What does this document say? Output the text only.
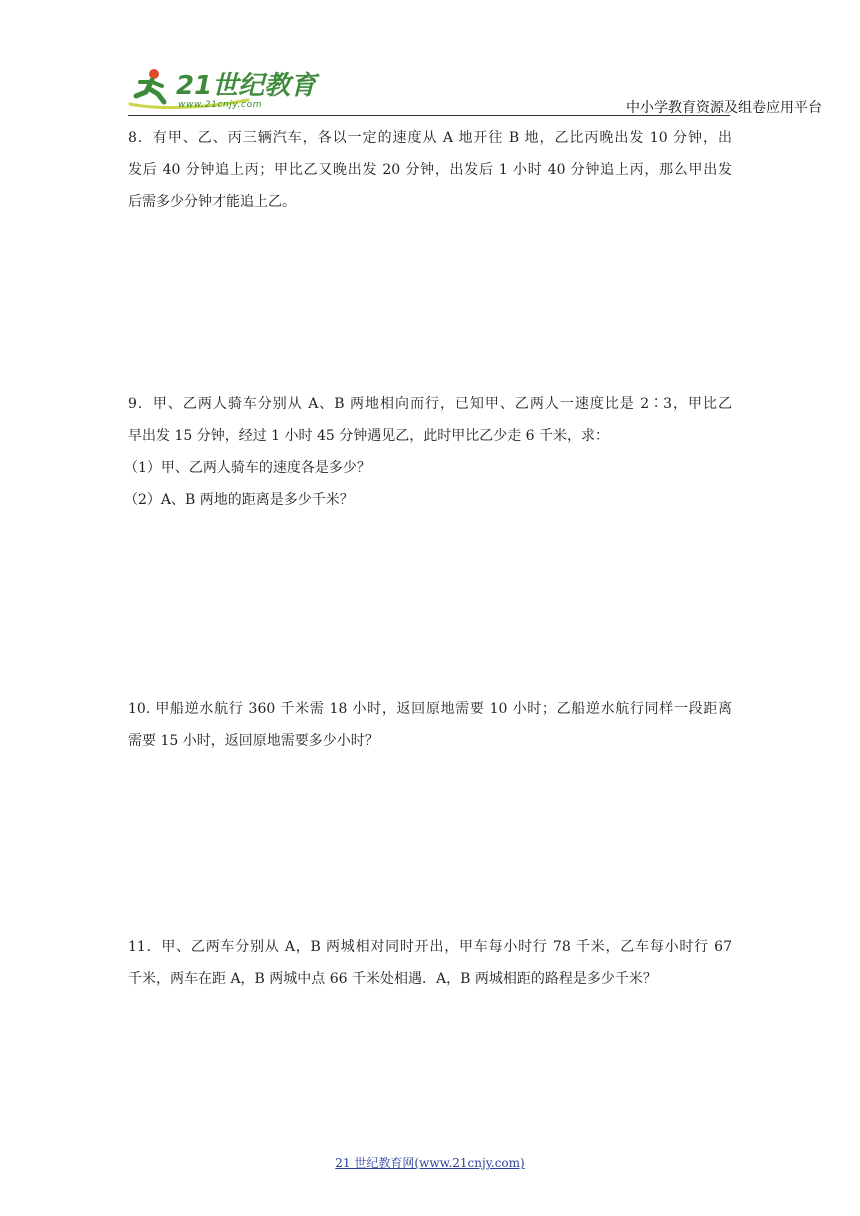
21世纪教育
www.21cnjy.com	中小学教育资源及组卷应用平台
8．有甲、乙、丙三辆汽车，各以一定的速度从 A 地开往 B 地，乙比丙晚出发 10 分钟，出
发后 40 分钟追上丙；甲比乙又晚出发 20 分钟，出发后 1 小时 40 分钟追上丙，那么甲出发
后需多少分钟才能追上乙。
9．甲、乙两人骑车分别从 A、B 两地相向而行，已知甲、乙两人一速度比是 2∶3，甲比乙
早出发 15 分钟，经过 1 小时 45 分钟遇见乙，此时甲比乙少走 6 千米，求：
（1）甲、乙两人骑车的速度各是多少？
（2）A、B 两地的距离是多少千米？
10. 甲船逆水航行 360 千米需 18 小时，返回原地需要 10 小时；乙船逆水航行同样一段距离
需要 15 小时，返回原地需要多少小时？
11．甲、乙两车分别从 A，B 两城相对同时开出，甲车每小时行 78 千米，乙车每小时行 67
千米，两车在距 A，B 两城中点 66 千米处相遇．A，B 两城相距的路程是多少千米？
21 世纪教育网(www.21cnjy.com)
